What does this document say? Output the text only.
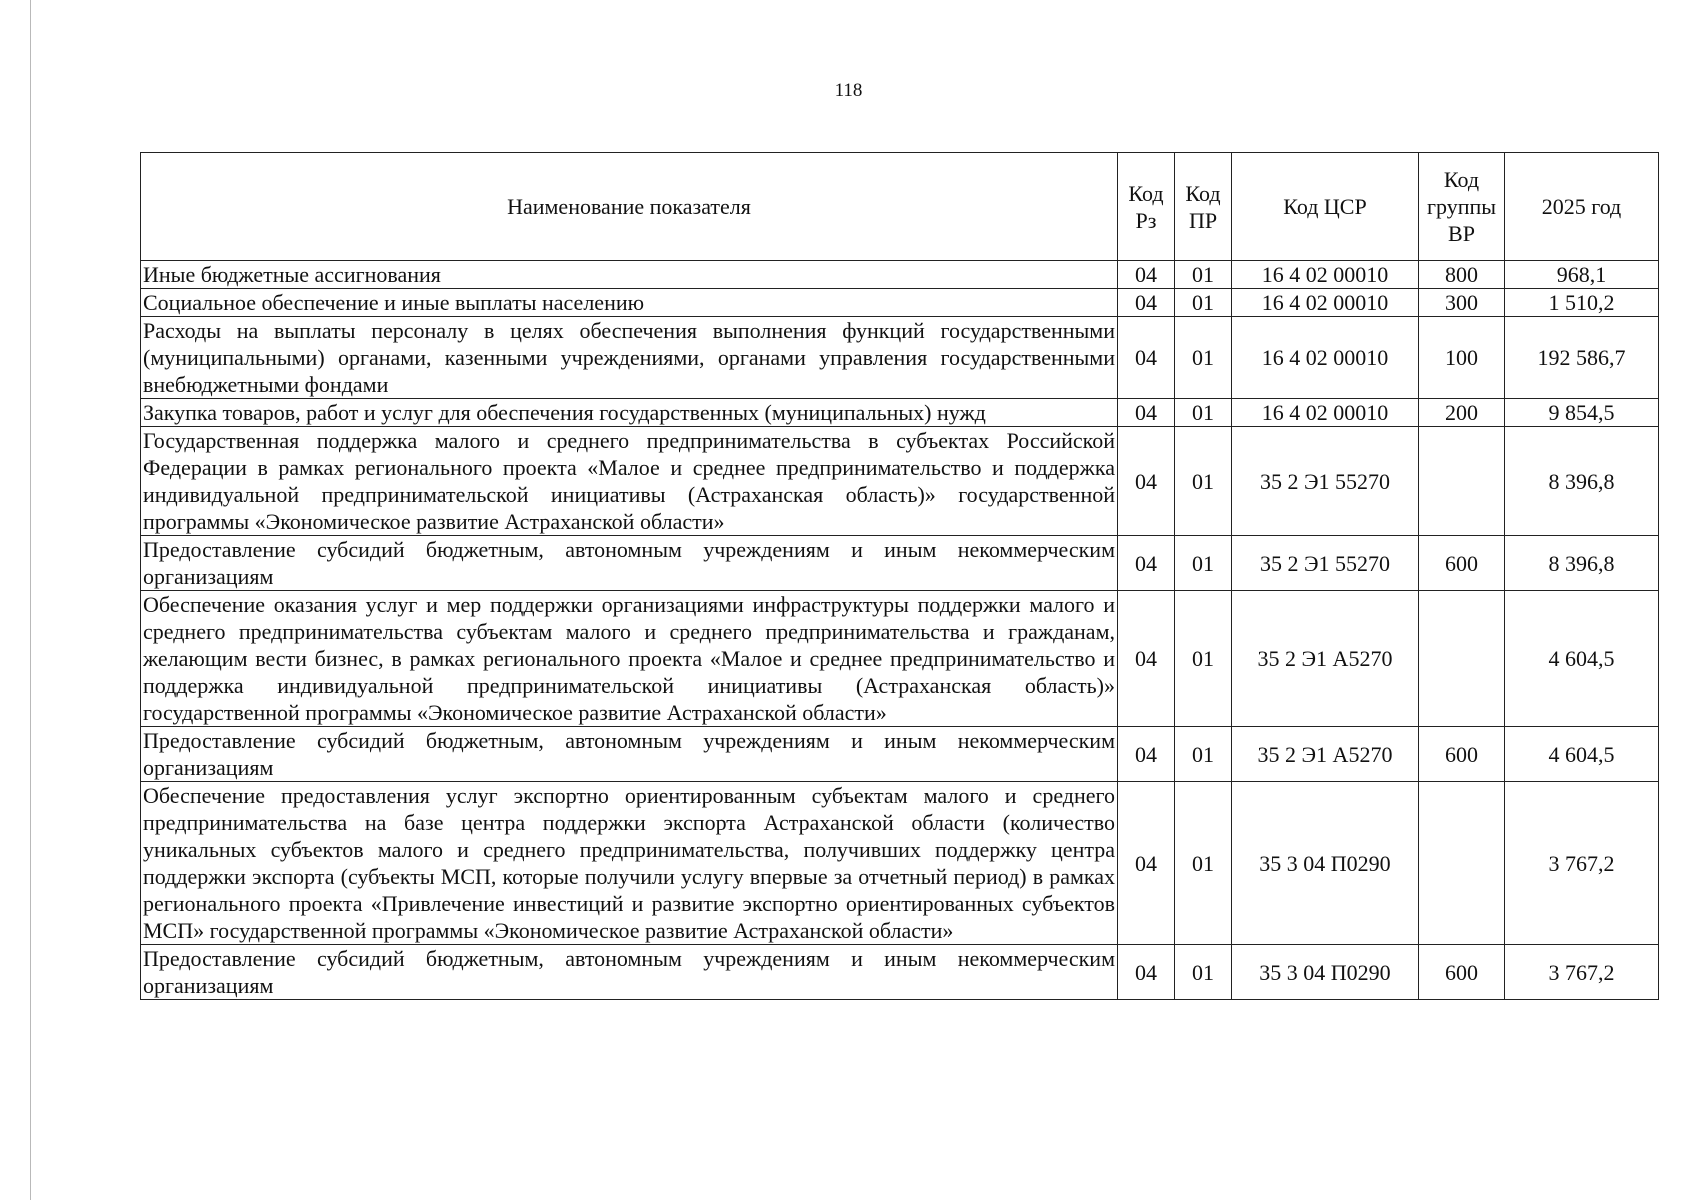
118
Наименование показателя	Код Рз	Код ПР	Код ЦСР	Код группы ВР	2025 год
Иные бюджетные ассигнования	04	01	16 4 02 00010	800	968,1
Социальное обеспечение и иные выплаты населению	04	01	16 4 02 00010	300	1 510,2
Расходы на выплаты персоналу в целях обеспечения выполнения функций государственными (муниципальными) органами, казенными учреждениями, органами управления государственными внебюджетными фондами	04	01	16 4 02 00010	100	192 586,7
Закупка товаров, работ и услуг для обеспечения государственных (муниципальных) нужд	04	01	16 4 02 00010	200	9 854,5
Государственная поддержка малого и среднего предпринимательства в субъектах Российской Федерации в рамках регионального проекта «Малое и среднее предпринимательство и поддержка индивидуальной предпринимательской инициативы (Астраханская область)» государственной программы «Экономическое развитие Астраханской области»	04	01	35 2 Э1 55270		8 396,8
Предоставление субсидий бюджетным, автономным учреждениям и иным некоммерческим организациям	04	01	35 2 Э1 55270	600	8 396,8
Обеспечение оказания услуг и мер поддержки организациями инфраструктуры поддержки малого и среднего предпринимательства субъектам малого и среднего предпринимательства и гражданам, желающим вести бизнес, в рамках регионального проекта «Малое и среднее предпринимательство и поддержка индивидуальной предпринимательской инициативы (Астраханская область)» государственной программы «Экономическое развитие Астраханской области»	04	01	35 2 Э1 А5270		4 604,5
Предоставление субсидий бюджетным, автономным учреждениям и иным некоммерческим организациям	04	01	35 2 Э1 А5270	600	4 604,5
Обеспечение предоставления услуг экспортно ориентированным субъектам малого и среднего предпринимательства на базе центра поддержки экспорта Астраханской области (количество уникальных субъектов малого и среднего предпринимательства, получивших поддержку центра поддержки экспорта (субъекты МСП, которые получили услугу впервые за отчетный период) в рамках регионального проекта «Привлечение инвестиций и развитие экспортно ориентированных субъектов МСП» государственной программы «Экономическое развитие Астраханской области»	04	01	35 3 04 П0290		3 767,2
Предоставление субсидий бюджетным, автономным учреждениям и иным некоммерческим организациям	04	01	35 3 04 П0290	600	3 767,2
